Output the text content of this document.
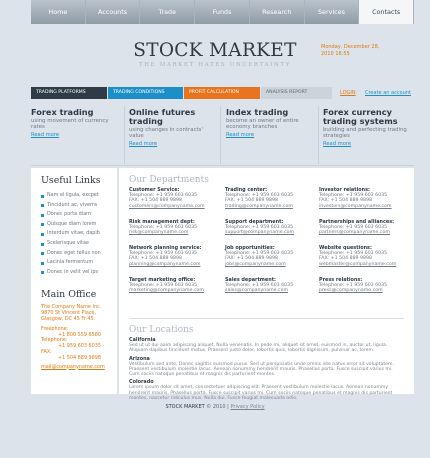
Home	Accounts	Trade	Funds	Research	Services	Contacts
STOCK MARKET
THE MARKET HATES UNCERTAINTY
Monday, December 28,
2010 16:55
TRADING PLATFORMS	TRADING CONDITIONS	PROFIT CALCULATION	ANALYSIS REPORT	LOGIN Create an account
Forex trading
using movement of currency rates
Read more
Online futures trading
using changes in contracts' value
Read more
Index trading
become an owner of entire economy branches
Read more
Forex currency trading systems
building and perfecting trading strategies
Read more
Useful Links
Nam el ligula, excpet
Tincidunt ac, viverra
Donec porta diam
Quisque diam lorem
Interdum vitae, dapib
Scelerisque vitae
Donec eget tellus non
Lacinia fermentum
Donec in velit vel ips
Main Office
The Company Name Inc.
9870 St Vincent Place,
Glasgow, DC 45 Fr 45.
Freephone:
+1 800 559 6580
Telephone:
+1 959 603 6035
FAX:
+1 504 889 9898
mail@companyname.com
Our Departments
Customer Service:
Telephone: +1 959 603 6035
FAX: +1 504 889 9898
customers@companyname.com
Trading center:
Telephone: +1 959 603 6035
FAX: +1 504 889 9898
trading@companyname.com
Investor relations:
Telephone: +1 959 603 6035
FAX: +1 504 889 9898
investors@companyname.com
Risk management dept:
Telephone: +1 959 603 6035
risk@companyname.com
Support department:
Telephone: +1 959 603 6035
support@companyname.com
Partnerships and alliances:
Telephone: +1 959 603 6035
partners@companyname.com
Network planning service:
Telephone: +1 959 603 6035
FAX: +1 504 889 9898
planning@companyname.com
Job opportunities:
Telephone: +1 959 603 6035
FAX: +1 504 889 9898
jobs@companyname.com
Website questions:
Telephone: +1 959 603 6035
FAX: +1 504 889 9898
webmaster@companyname.com
Target marketing office:
Telephone: +1 959 603 6035
marketing@companyname.com
Sales department:
Telephone: +1 959 603 6035
sales@companyname.com
Press relations:
Telephone: +1 959 603 6035
press@companyname.com
Our Locations
California
Sed ut ut dui aaim adipiscing aliquet. Nulla venenatis. In pede mi, aliquet sit amet, euismod in, auctor ut, ligula. Aliquam dapibus tincidunt metus. Praesent justo dolor, lobortis quis, lobortis dignissim, pulvinar ac, lorem.
Arizona
Vestibulum sed ante. Donec sagittis euismod purus. Sed ut perspiciatis unde omnis iste natus error sit voluptatem. Praesent vestibulum molestie lacus. Aenean nonummy hendrerit mauris. Phasellus porta. Fusce suscipit varius mi. Cum sociis natoque penatibus et magnis dis parturient montes.
Colorado
Lorem ipsum dolor sit amet, consectetuer adipiscing elit. Praesent vestibulum molestie lacus. Aenean nonummy hendrerit mauris. Phasellus porta. Fusce suscipit varius mi. Cum sociis natoque penatibus et magnis dis parturient montes, nascetur ridiculus mus. Nulla dui. Fusce feugiat malesuada odio.
STOCK MARKET © 2010 | Privacy Policy
